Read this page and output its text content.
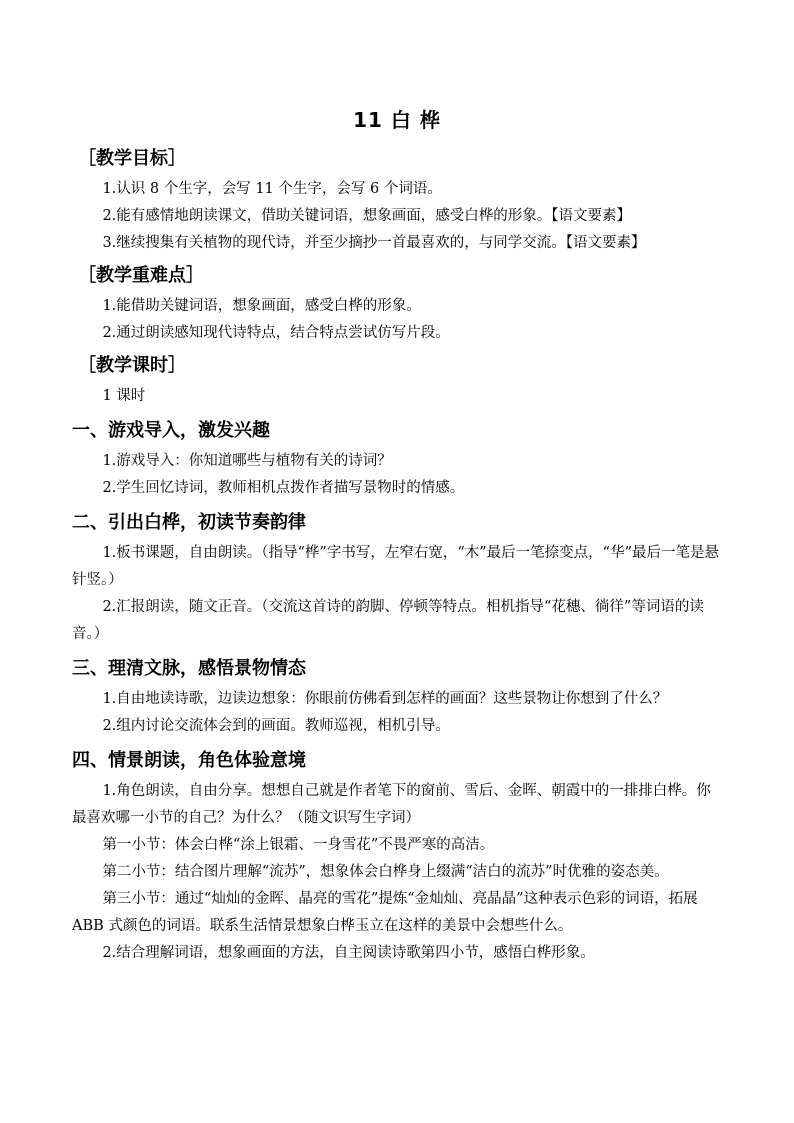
11 白 桦
［教学目标］

1.认识 8 个生字，会写 11 个生字，会写 6 个词语。

2.能有感情地朗读课文，借助关键词语，想象画面，感受白桦的形象。【语文要素】

3.继续搜集有关植物的现代诗，并至少摘抄一首最喜欢的，与同学交流。【语文要素】

［教学重难点］

1.能借助关键词语，想象画面，感受白桦的形象。

2.通过朗读感知现代诗特点，结合特点尝试仿写片段。

［教学课时］

1 课时

一、游戏导入，激发兴趣

1.游戏导入：你知道哪些与植物有关的诗词？

2.学生回忆诗词，教师相机点拨作者描写景物时的情感。

二、引出白桦，初读节奏韵律

1.板书课题，自由朗读。（指导“桦”字书写，左窄右宽，“木”最后一笔捺变点，“华”最后一笔是悬针竖。）

2.汇报朗读，随文正音。（交流这首诗的韵脚、停顿等特点。相机指导“花穗、徜徉”等词语的读音。）

三、理清文脉，感悟景物情态

1.自由地读诗歌，边读边想象：你眼前仿佛看到怎样的画面？这些景物让你想到了什么？

2.组内讨论交流体会到的画面。教师巡视，相机引导。

四、情景朗读，角色体验意境

1.角色朗读，自由分享。想想自己就是作者笔下的窗前、雪后、金晖、朝霞中的一排排白桦。你最喜欢哪一小节的自己？为什么？（随文识写生字词）

第一小节：体会白桦“涂上银霜、一身雪花”不畏严寒的高洁。

第二小节：结合图片理解“流苏”，想象体会白桦身上缀满“洁白的流苏”时优雅的姿态美。

第三小节：通过“灿灿的金晖、晶亮的雪花”提炼“金灿灿、亮晶晶”这种表示色彩的词语，拓展 ABB 式颜色的词语。联系生活情景想象白桦玉立在这样的美景中会想些什么。

2.结合理解词语，想象画面的方法，自主阅读诗歌第四小节，感悟白桦形象。
